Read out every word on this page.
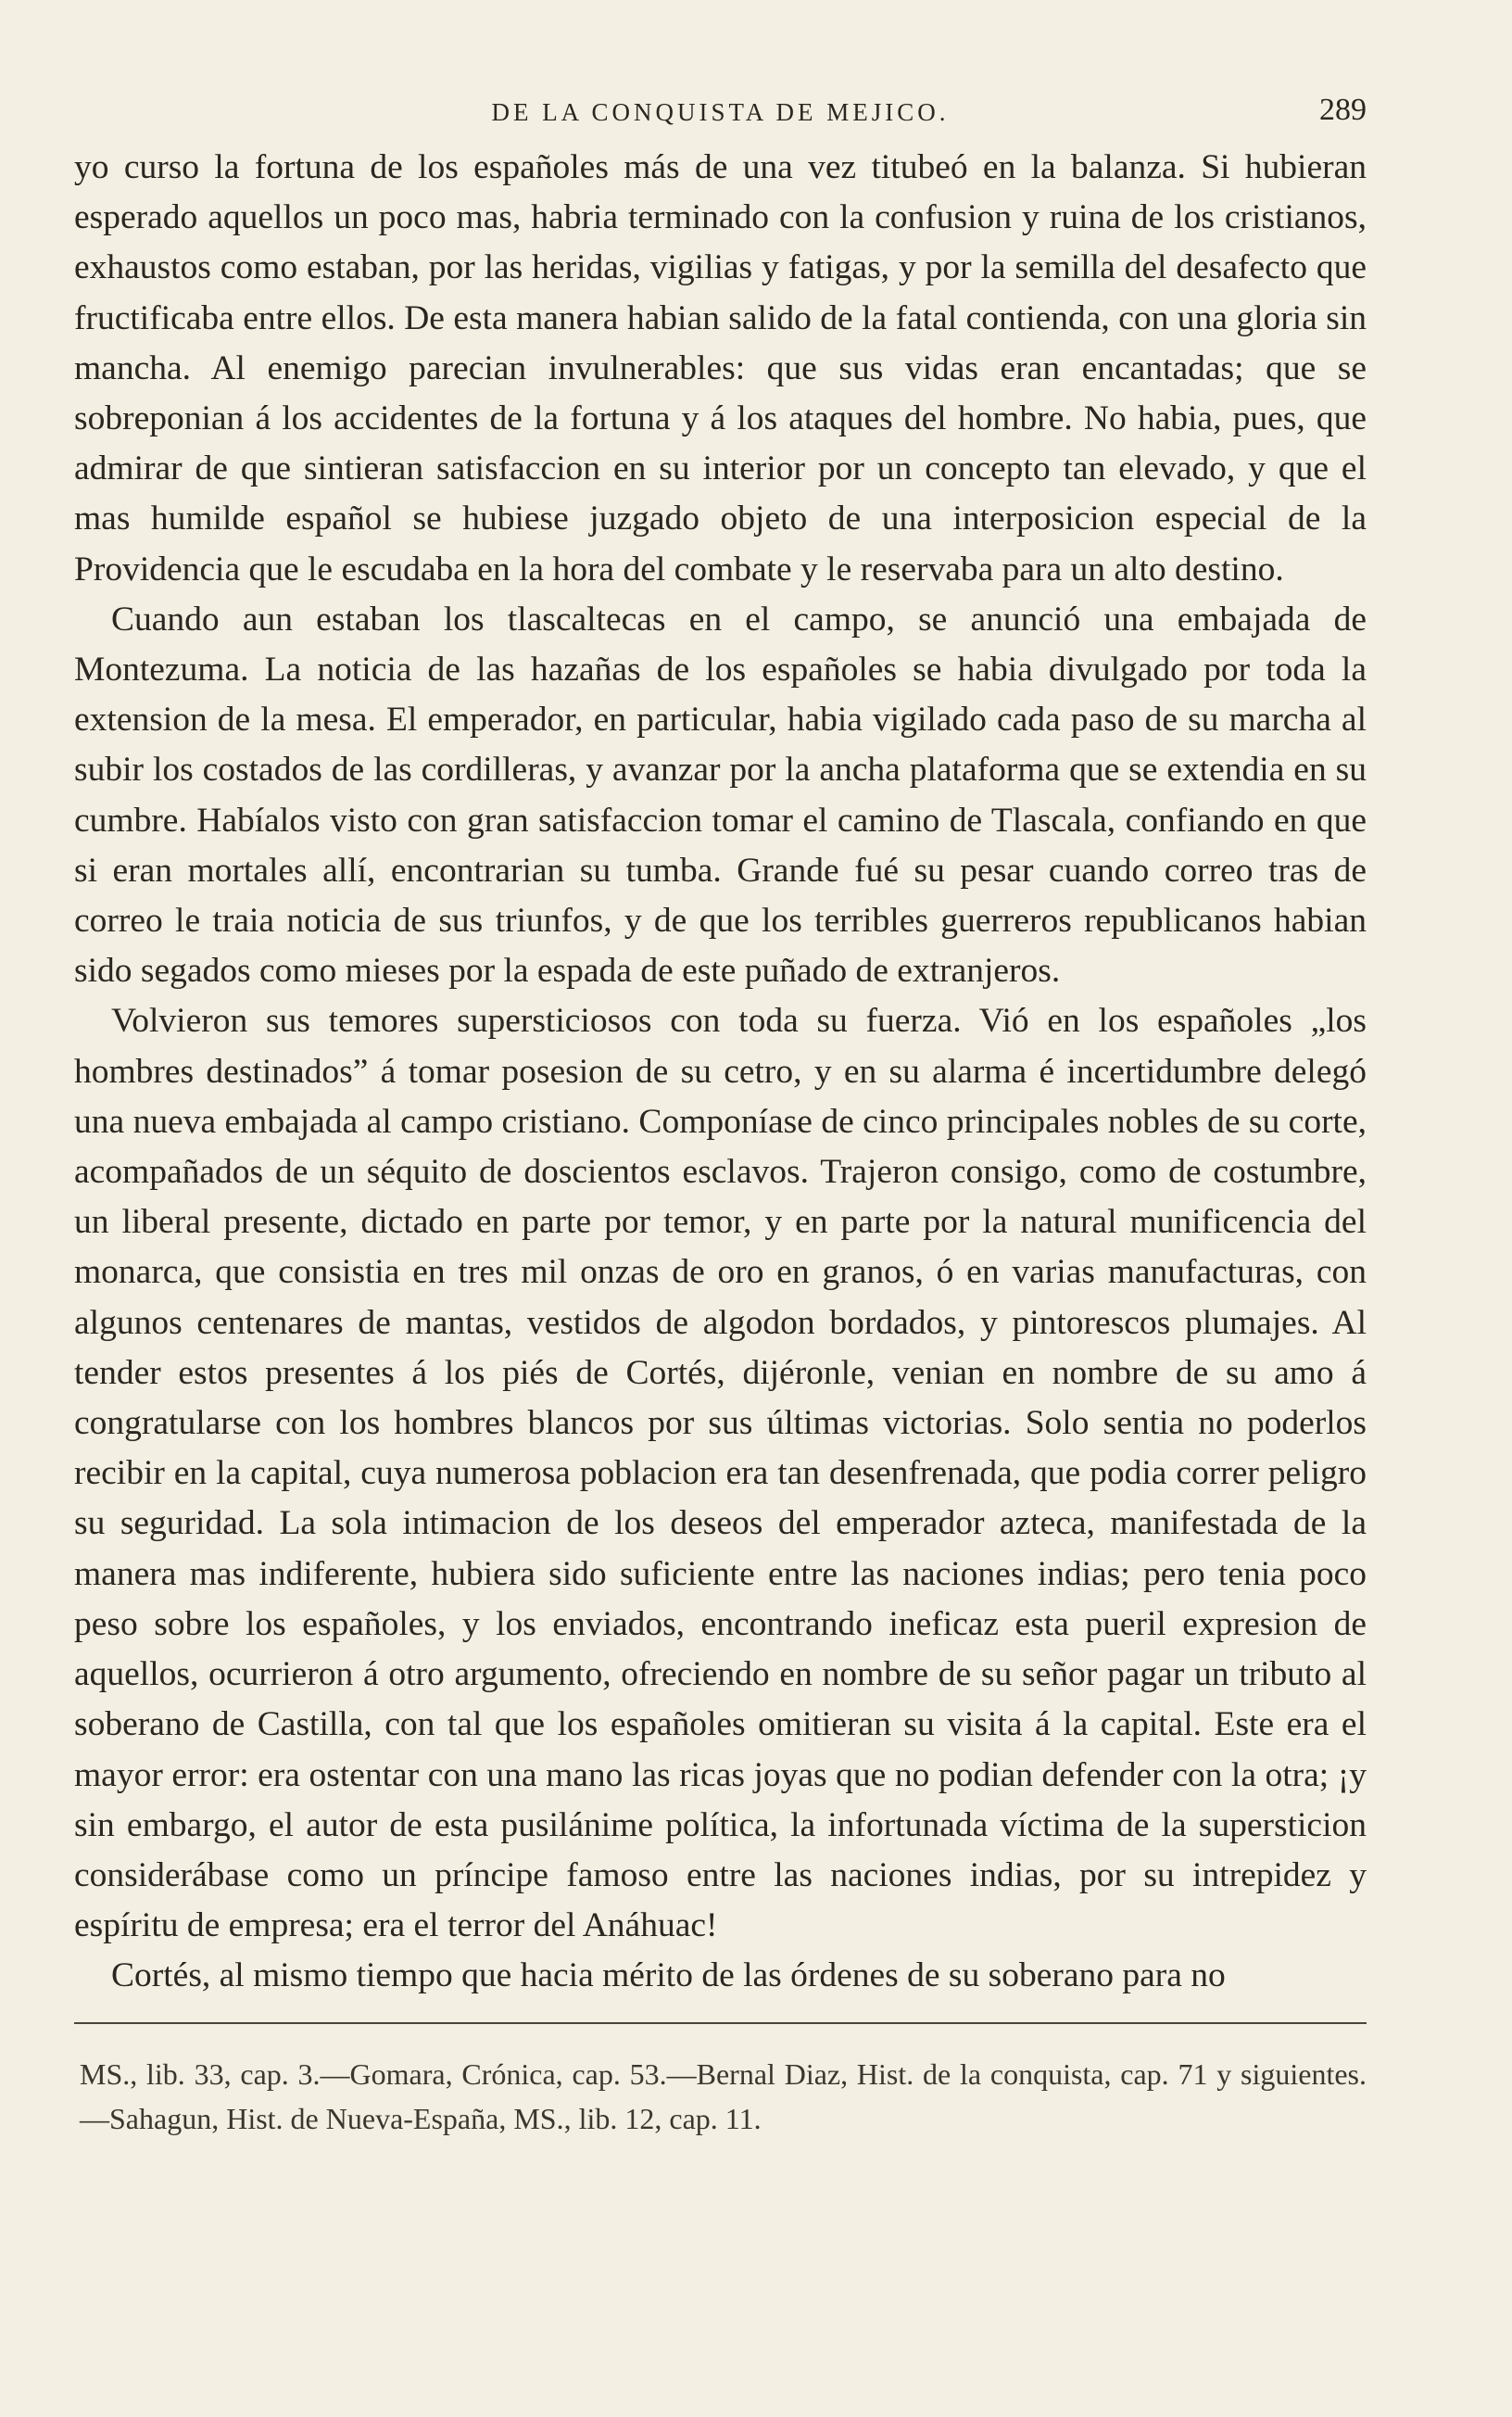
DE LA CONQUISTA DE MEJICO.	289

yo curso la fortuna de los españoles más de una vez titubeó en la balanza. Si hubieran esperado aquellos un poco mas, habria terminado con la confusion y ruina de los cristianos, exhaustos como estaban, por las heridas, vigilias y fatigas, y por la semilla del desafecto que fructificaba entre ellos. De esta manera habian salido de la fatal contienda, con una gloria sin mancha. Al enemigo parecian invulnerables: que sus vidas eran encantadas; que se sobreponian á los accidentes de la fortuna y á los ataques del hombre. No habia, pues, que admirar de que sintieran satisfaccion en su interior por un concepto tan elevado, y que el mas humilde español se hubiese juzgado objeto de una interposicion especial de la Providencia que le escudaba en la hora del combate y le reservaba para un alto destino.

Cuando aun estaban los tlascaltecas en el campo, se anunció una embajada de Montezuma. La noticia de las hazañas de los españoles se habia divulgado por toda la extension de la mesa. El emperador, en particular, habia vigilado cada paso de su marcha al subir los costados de las cordilleras, y avanzar por la ancha plataforma que se extendia en su cumbre. Habíalos visto con gran satisfaccion tomar el camino de Tlascala, confiando en que si eran mortales allí, encontrarian su tumba. Grande fué su pesar cuando correo tras de correo le traia noticia de sus triunfos, y de que los terribles guerreros republicanos habian sido segados como mieses por la espada de este puñado de extranjeros.

Volvieron sus temores supersticiosos con toda su fuerza. Vió en los españoles „los hombres destinados” á tomar posesion de su cetro, y en su alarma é incertidumbre delegó una nueva embajada al campo cristiano. Componíase de cinco principales nobles de su corte, acompañados de un séquito de doscientos esclavos. Trajeron consigo, como de costumbre, un liberal presente, dictado en parte por temor, y en parte por la natural munificencia del monarca, que consistia en tres mil onzas de oro en granos, ó en varias manufacturas, con algunos centenares de mantas, vestidos de algodon bordados, y pintorescos plumajes. Al tender estos presentes á los piés de Cortés, dijéronle, venian en nombre de su amo á congratularse con los hombres blancos por sus últimas victorias. Solo sentia no poderlos recibir en la capital, cuya numerosa poblacion era tan desenfrenada, que podia correr peligro su seguridad. La sola intimacion de los deseos del emperador azteca, manifestada de la manera mas indiferente, hubiera sido suficiente entre las naciones indias; pero tenia poco peso sobre los españoles, y los enviados, encontrando ineficaz esta pueril expresion de aquellos, ocurrieron á otro argumento, ofreciendo en nombre de su señor pagar un tributo al soberano de Castilla, con tal que los españoles omitieran su visita á la capital. Este era el mayor error: era ostentar con una mano las ricas joyas que no podian defender con la otra; ¡y sin embargo, el autor de esta pusilánime política, la infortunada víctima de la supersticion considerábase como un príncipe famoso entre las naciones indias, por su intrepidez y espíritu de empresa; era el terror del Anáhuac!

Cortés, al mismo tiempo que hacia mérito de las órdenes de su soberano para no

MS., lib. 33, cap. 3.—Gomara, Crónica, cap. 53.—Bernal Diaz, Hist. de la conquista, cap. 71 y siguientes.—Sahagun, Hist. de Nueva-España, MS., lib. 12, cap. 11.
